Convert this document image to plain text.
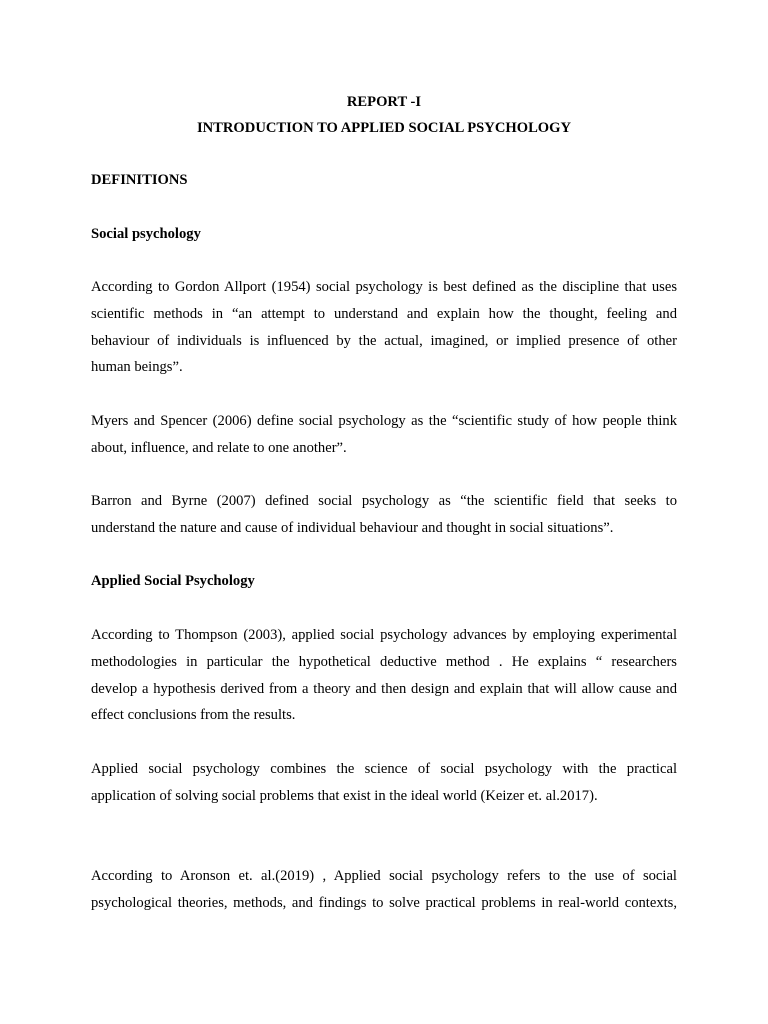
REPORT -I

INTRODUCTION TO APPLIED SOCIAL PSYCHOLOGY

DEFINITIONS

Social psychology

According to Gordon Allport (1954) social psychology is best defined as the discipline that uses

scientific methods in “an attempt to understand and explain how the thought, feeling and

behaviour of individuals is influenced by the actual, imagined, or implied presence of other

human beings”.

Myers and Spencer (2006) define social psychology as the “scientific study of how people think

about, influence, and relate to one another”.

Barron and Byrne (2007) defined social psychology as “the scientific field that seeks to

understand the nature and cause of individual behaviour and thought in social situations”.

Applied Social Psychology

According to Thompson (2003), applied social psychology advances by employing experimental

methodologies in particular the hypothetical deductive method . He explains “ researchers

develop a hypothesis derived from a theory and then design and explain that will allow cause and

effect conclusions from the results.

Applied social psychology combines the science of social psychology with the practical

application of solving social problems that exist in the ideal world (Keizer et. al.2017).

According to Aronson et. al.(2019) , Applied social psychology refers to the use of social

psychological theories, methods, and findings to solve practical problems in real-world contexts,
